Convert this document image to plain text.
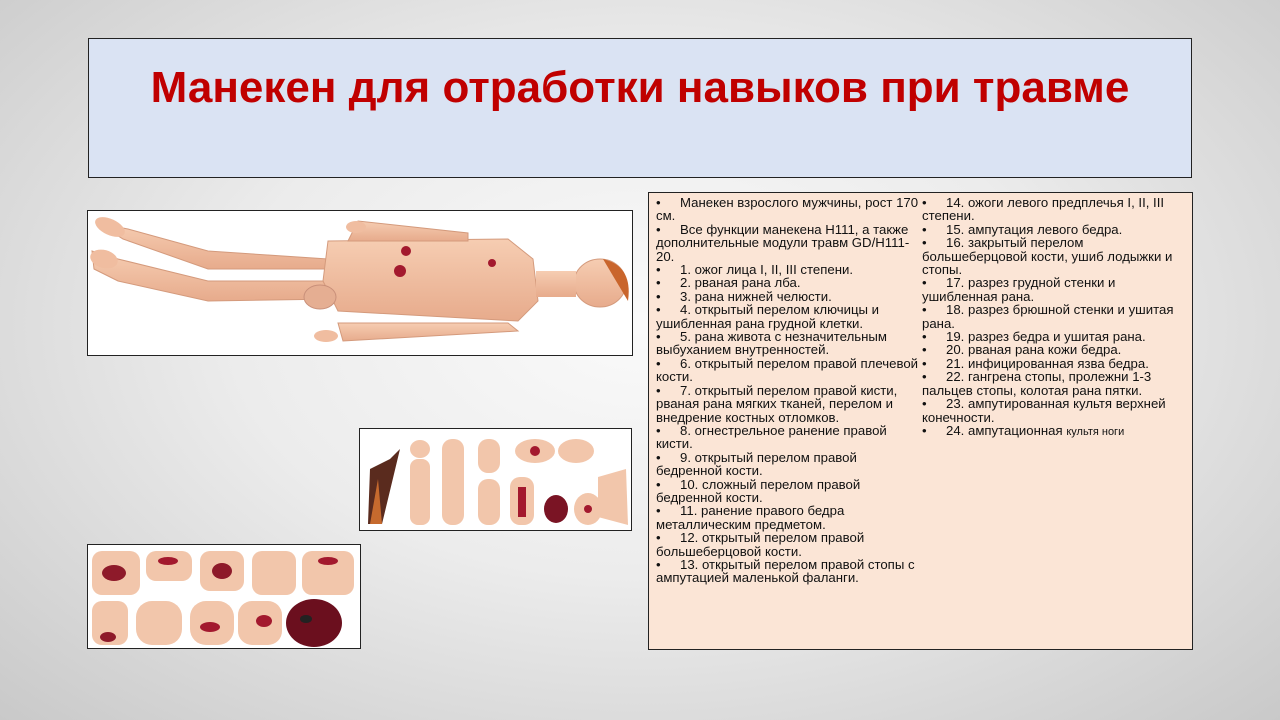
Манекен для отработки навыков при травме
• Манекен взрослого мужчины, рост 170 см.
• Все функции манекена H111, а также дополнительные модули травм GD/H111-20.
• 1. ожог лица I, II, III степени.
• 2. рваная рана лба.
• 3. рана нижней челюсти.
• 4. открытый перелом ключицы и ушибленная рана грудной клетки.
• 5. рана живота с незначительным выбуханием внутренностей.
• 6. открытый перелом правой плечевой кости.
• 7. открытый перелом правой кисти, рваная рана мягких тканей, перелом и внедрение костных отломков.
• 8. огнестрельное ранение правой кисти.
• 9. открытый перелом правой бедренной кости.
• 10. сложный перелом правой бедренной кости.
• 11. ранение правого бедра металлическим предметом.
• 12. открытый перелом правой большеберцовой кости.
• 13. открытый перелом правой стопы с ампутацией маленькой фаланги.
• 14. ожоги левого предплечья I, II, III степени.
• 15. ампутация левого бедра.
• 16. закрытый перелом большеберцовой кости, ушиб лодыжки и стопы.
• 17. разрез грудной стенки и ушибленная рана.
• 18. разрез брюшной стенки и ушитая рана.
• 19. разрез бедра и ушитая рана.
• 20. рваная рана кожи бедра.
• 21. инфицированная язва бедра.
• 22. гангрена стопы, пролежни 1-3 пальцев стопы, колотая рана пятки.
• 23. ампутированная культя верхней конечности.
• 24. ампутационная культя ноги
